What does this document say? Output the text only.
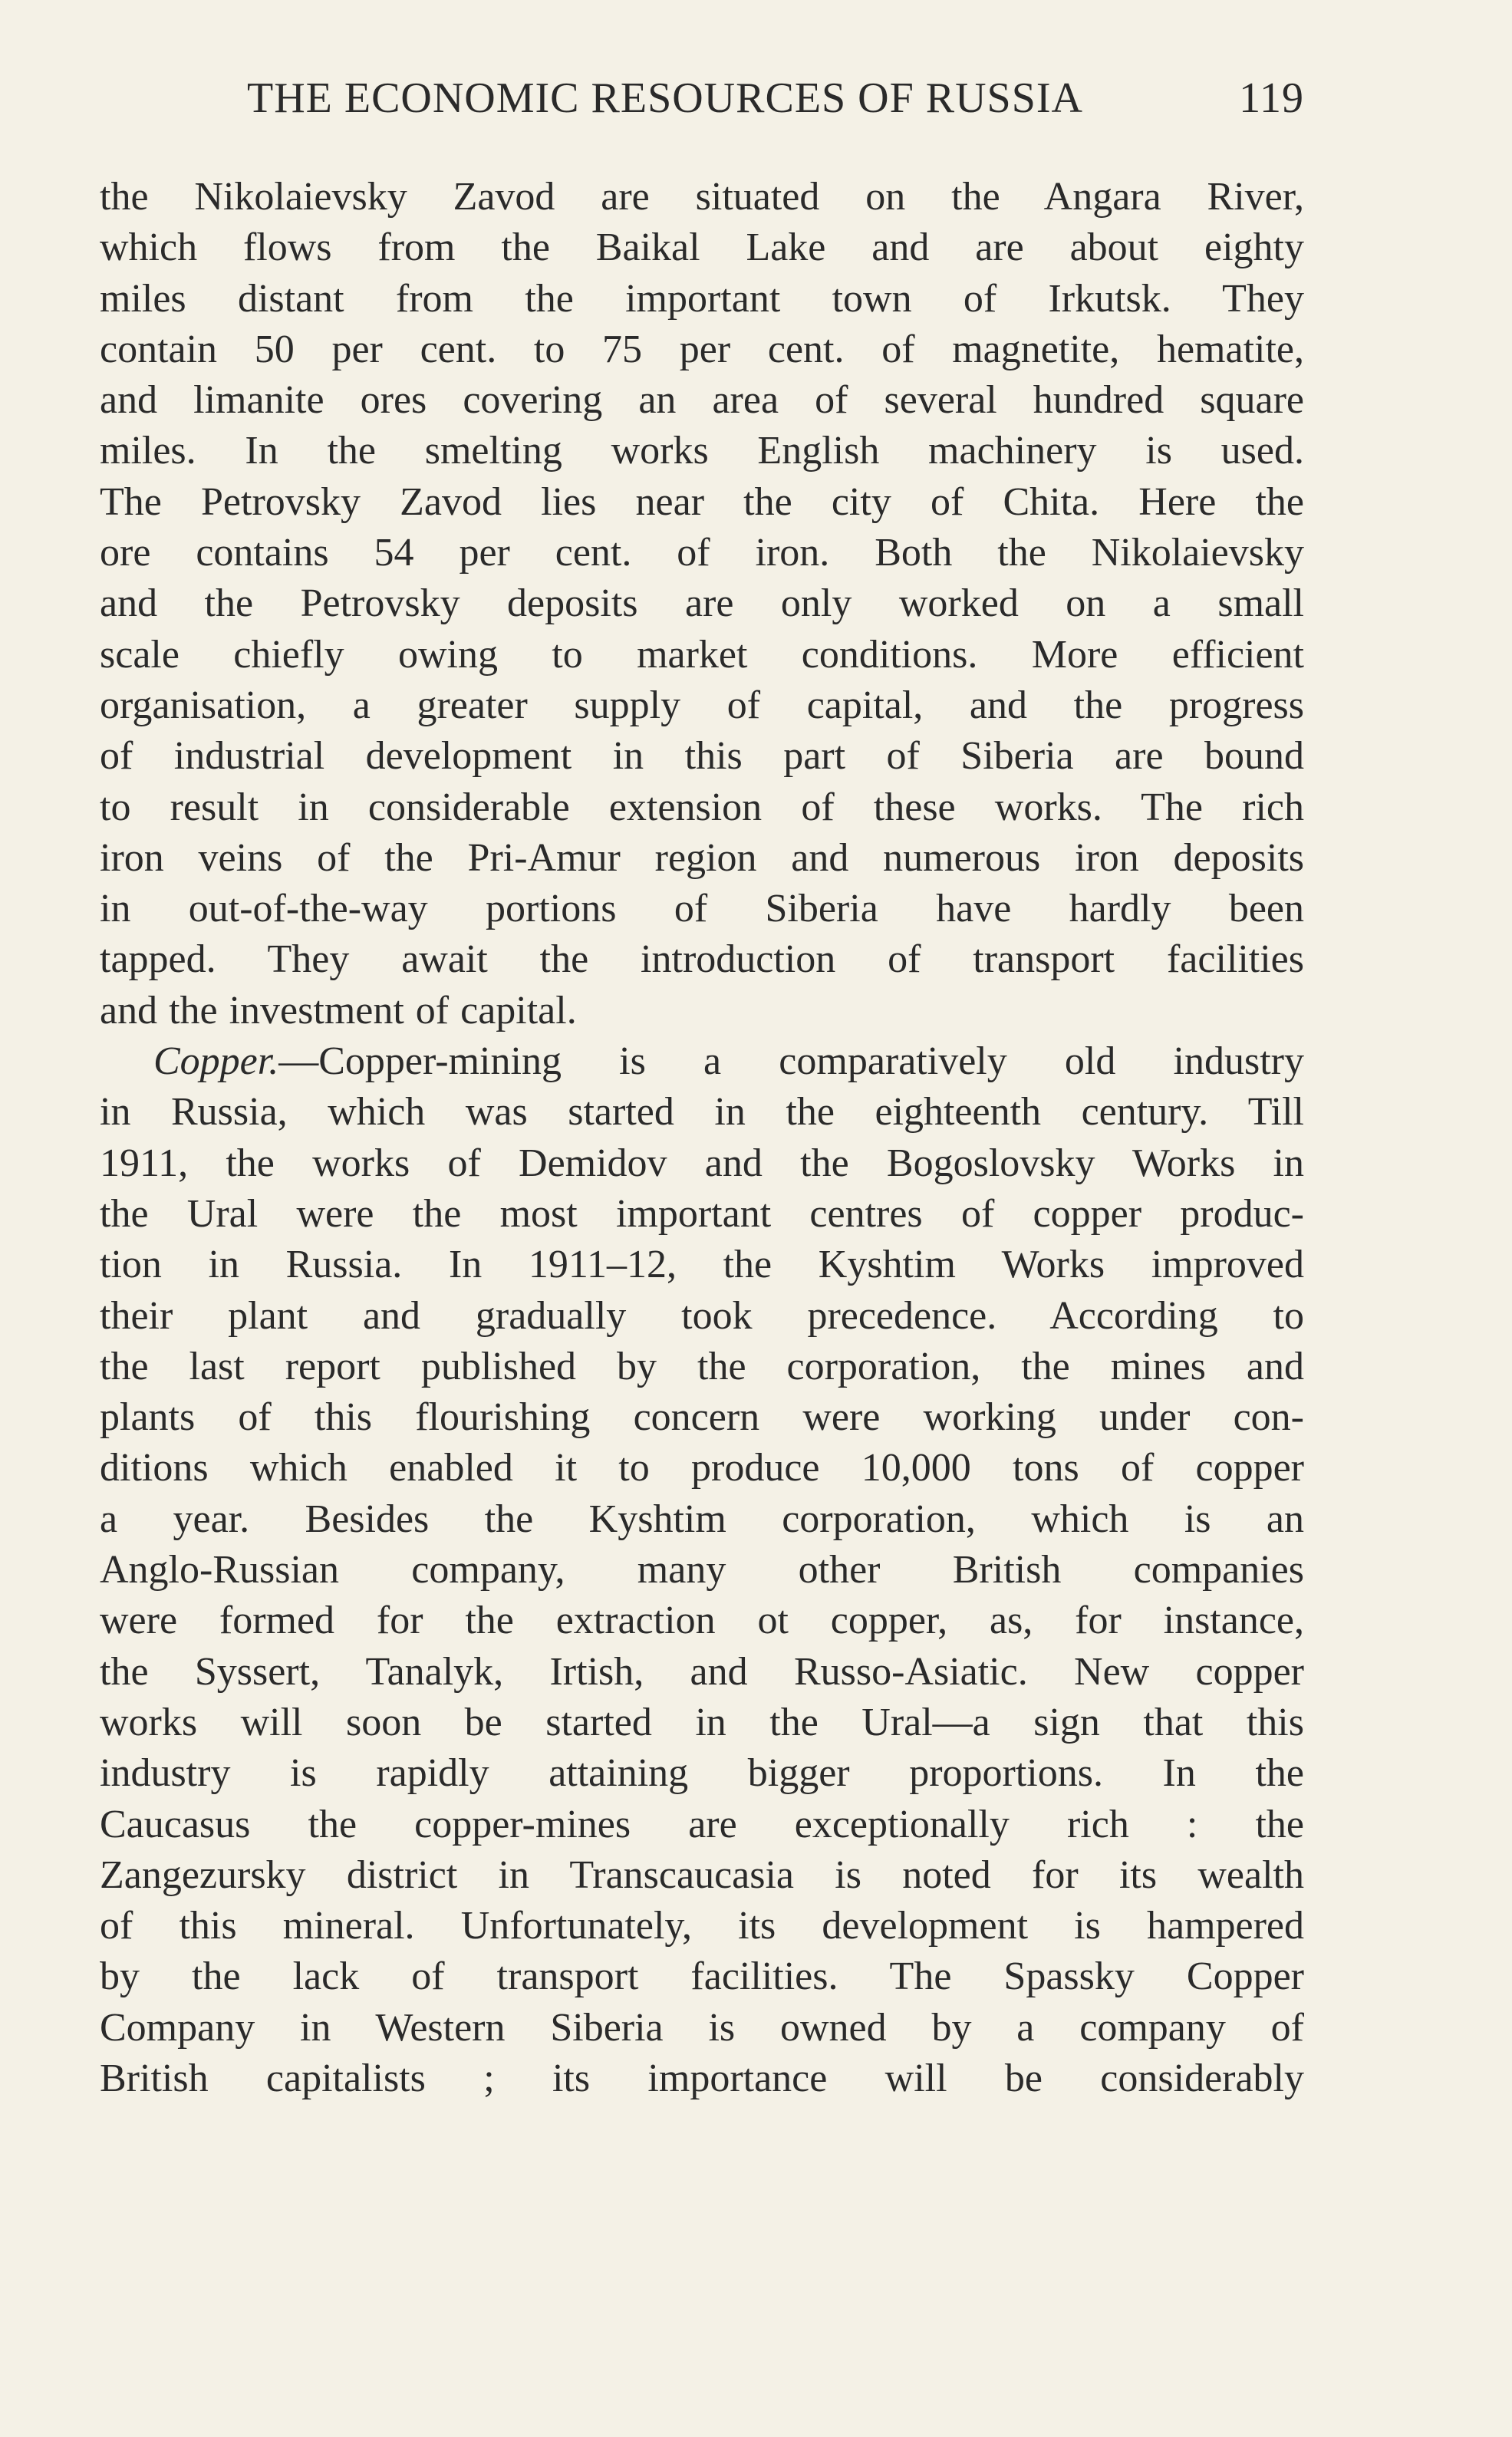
THE ECONOMIC RESOURCES OF RUSSIA	119
the Nikolaievsky Zavod are situated on the Angara River,
which flows from the Baikal Lake and are about eighty
miles distant from the important town of Irkutsk. They
contain 50 per cent. to 75 per cent. of magnetite, hematite,
and limanite ores covering an area of several hundred square
miles. In the smelting works English machinery is used.
The Petrovsky Zavod lies near the city of Chita. Here the
ore contains 54 per cent. of iron. Both the Nikolaievsky
and the Petrovsky deposits are only worked on a small
scale chiefly owing to market conditions. More efficient
organisation, a greater supply of capital, and the progress
of industrial development in this part of Siberia are bound
to result in considerable extension of these works. The rich
iron veins of the Pri-Amur region and numerous iron deposits
in out-of-the-way portions of Siberia have hardly been
tapped. They await the introduction of transport facilities
and the investment of capital.
Copper.—Copper-mining is a comparatively old industry
in Russia, which was started in the eighteenth century. Till
1911, the works of Demidov and the Bogoslovsky Works in
the Ural were the most important centres of copper produc-
tion in Russia. In 1911–12, the Kyshtim Works improved
their plant and gradually took precedence. According to
the last report published by the corporation, the mines and
plants of this flourishing concern were working under con-
ditions which enabled it to produce 10,000 tons of copper
a year. Besides the Kyshtim corporation, which is an
Anglo-Russian company, many other British companies
were formed for the extraction ot copper, as, for instance,
the Syssert, Tanalyk, Irtish, and Russo-Asiatic. New copper
works will soon be started in the Ural—a sign that this
industry is rapidly attaining bigger proportions. In the
Caucasus the copper-mines are exceptionally rich : the
Zangezursky district in Transcaucasia is noted for its wealth
of this mineral. Unfortunately, its development is hampered
by the lack of transport facilities. The Spassky Copper
Company in Western Siberia is owned by a company of
British capitalists ; its importance will be considerably
